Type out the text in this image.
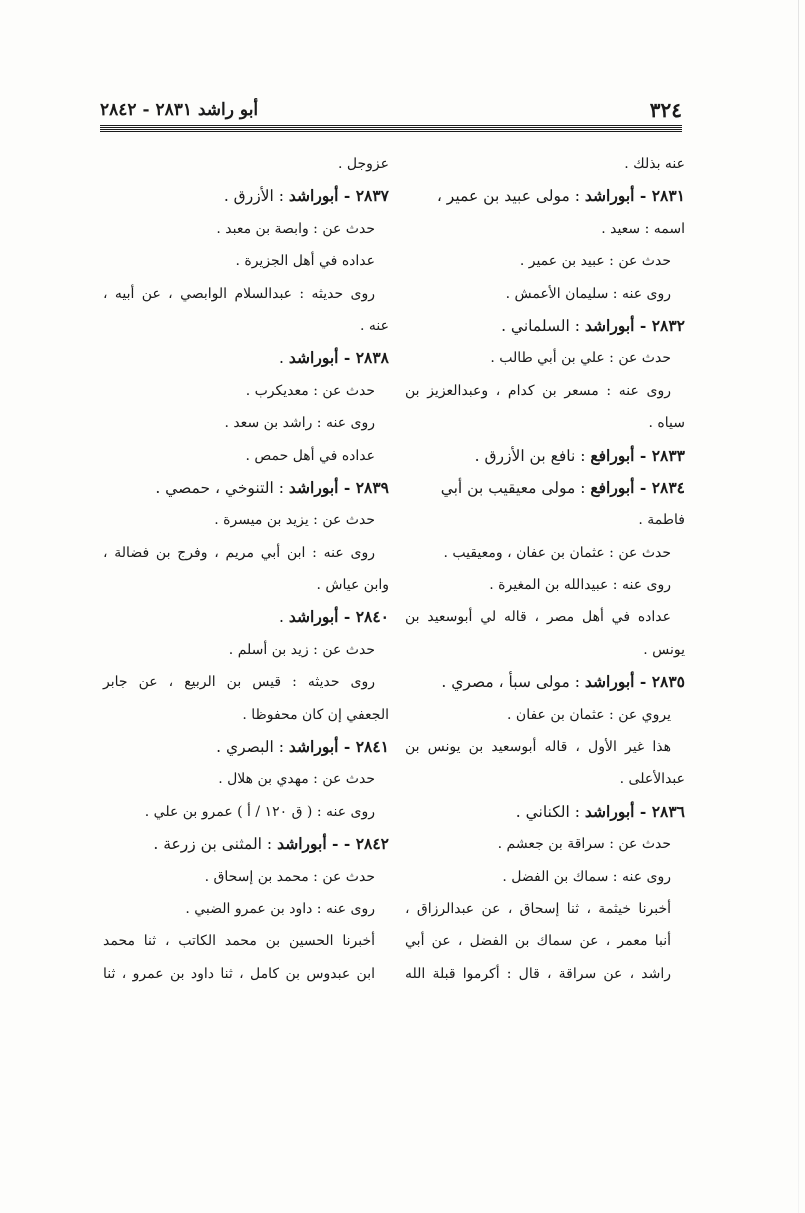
أبو راشد ٢٨٣١ - ٢٨٤٢	٣٢٤
عنه بذلك .
٢٨٣١ - أبوراشد : مولى عبيد بن عمير ،
اسمه : سعيد .
حدث عن : عبيد بن عمير .
روى عنه : سليمان الأعمش .
٢٨٣٢ - أبوراشد : السلماني .
حدث عن : علي بن أبي طالب .
روى عنه : مسعر بن كدام ، وعبدالعزيز بن
سياه .
٢٨٣٣ - أبورافع : نافع بن الأزرق .
٢٨٣٤ - أبورافع : مولى معيقيب بن أبي
فاطمة .
حدث عن : عثمان بن عفان ، ومعيقيب .
روى عنه : عبيدالله بن المغيرة .
عداده في أهل مصر ، قاله لي أبوسعيد بن
يونس .
٢٨٣٥ - أبوراشد : مولى سبأ ، مصري .
يروي عن : عثمان بن عفان .
هذا غير الأول ، قاله أبوسعيد بن يونس بن
عبدالأعلى .
٢٨٣٦ - أبوراشد : الكناني .
حدث عن : سراقة بن جعشم .
روى عنه : سماك بن الفضل .
أخبرنا خيثمة ، ثنا إسحاق ، عن عبدالرزاق ،
أنبا معمر ، عن سماك بن الفضل ، عن أبي
راشد ، عن سراقة ، قال : أكرموا قبلة الله
عزوجل .
٢٨٣٧ - أبوراشد : الأزرق .
حدث عن : وابصة بن معبد .
عداده في أهل الجزيرة .
روى حديثه : عبدالسلام الوابصي ، عن أبيه ،
عنه .
٢٨٣٨ - أبوراشد .
حدث عن : معديكرب .
روى عنه : راشد بن سعد .
عداده في أهل حمص .
٢٨٣٩ - أبوراشد : التنوخي ، حمصي .
حدث عن : يزيد بن ميسرة .
روى عنه : ابن أبي مريم ، وفرج بن فضالة ،
وابن عياش .
٢٨٤٠ - أبوراشد .
حدث عن : زيد بن أسلم .
روى حديثه : قيس بن الربيع ، عن جابر
الجعفي إن كان محفوظا .
٢٨٤١ - أبوراشد : البصري .
حدث عن : مهدي بن هلال .
روى عنه : ( ق ١٢٠ / أ ) عمرو بن علي .
٢٨٤٢ - - أبوراشد : المثنى بن زرعة .
حدث عن : محمد بن إسحاق .
روى عنه : داود بن عمرو الضبي .
أخبرنا الحسين بن محمد الكاتب ، ثنا محمد
ابن عبدوس بن كامل ، ثنا داود بن عمرو ، ثنا
